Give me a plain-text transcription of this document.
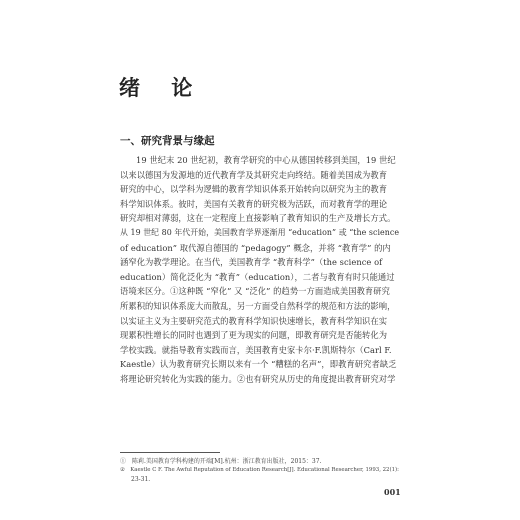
绪 论
一、研究背景与缘起
19 世纪末 20 世纪初，教育学研究的中心从德国转移到美国，19 世纪
以来以德国为发源地的近代教育学及其研究走向终结。随着美国成为教育
研究的中心，以学科为逻辑的教育学知识体系开始转向以研究为主的教育
科学知识体系。彼时，美国有关教育的研究极为活跃，而对教育学的理论
研究却相对薄弱，这在一定程度上直接影响了教育知识的生产及增长方式。
从 19 世纪 80 年代开始，美国教育学界逐渐用 “education” 或 “the science
of education” 取代源自德国的 “pedagogy” 概念，并将 “教育学” 的内
涵窄化为教学理论。在当代，美国教育学 “教育科学”（the science of
education）简化泛化为 “教育”（education），二者与教育有时只能通过
语境来区分。①这种既 “窄化” 又 “泛化” 的趋势一方面造成美国教育研究
所累积的知识体系庞大而散乱，另一方面受自然科学的规范和方法的影响，
以实证主义为主要研究范式的教育科学知识快速增长，教育科学知识在实
现累积性增长的同时也遇到了更为现实的问题，即教育研究是否能转化为
学校实践。就指导教育实践而言，美国教育史家卡尔·F.凯斯特尔（Carl F.
Kaestle）认为教育研究长期以来有一个 “糟糕的名声”，即教育研究者缺乏
将理论研究转化为实践的能力。②也有研究从历史的角度提出教育研究对学
①　陈莉.美国教育学科构建的开端[M].杭州：浙江教育出版社，2015：37.
②　Kaestle C F. The Awful Reputation of Education Research[J]. Educational Researcher, 1993, 22(1):
23-31.

001
